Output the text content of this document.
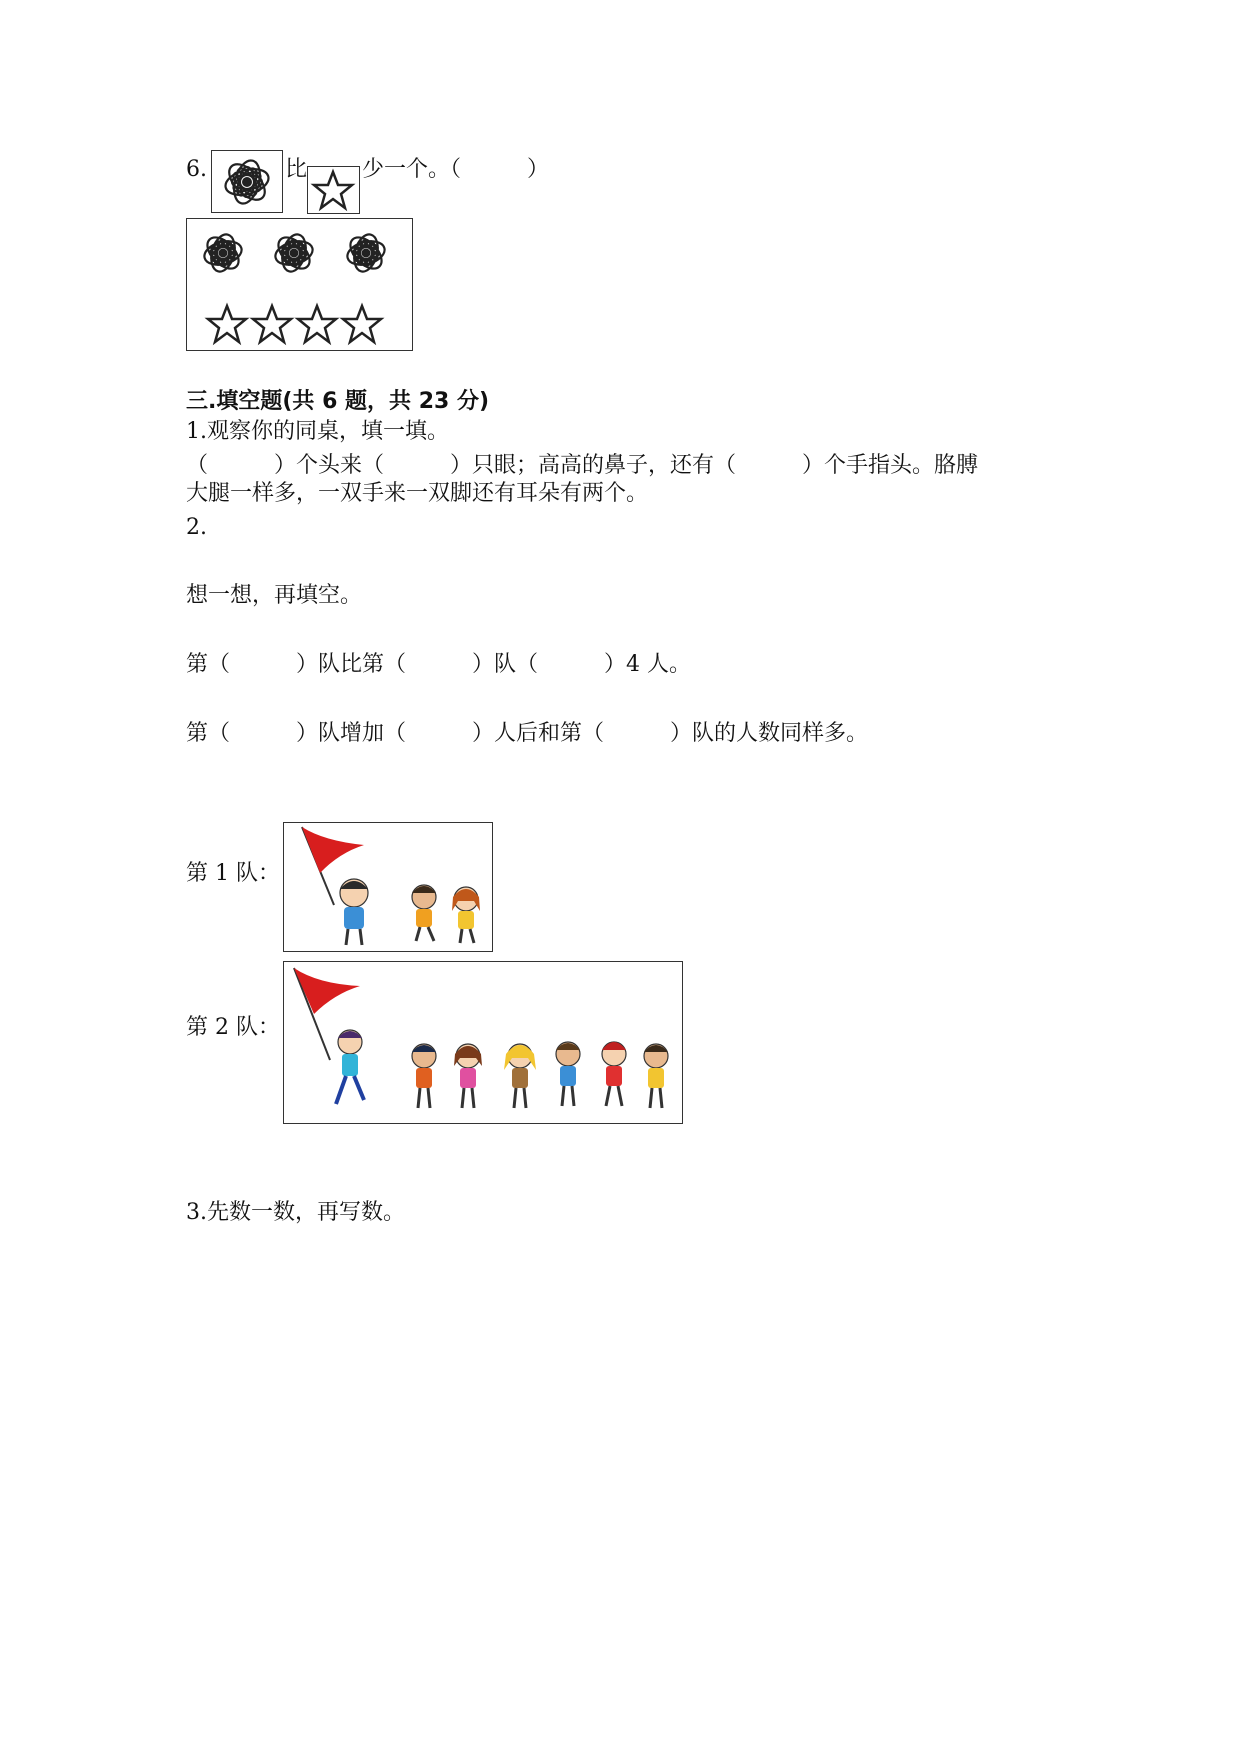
6.	比 少一个。（　　　）
三.填空题(共 6 题，共 23 分)
1.观察你的同桌，填一填。
（　　　）个头来（　　　）只眼；高高的鼻子，还有（　　　）个手指头。胳膊
大腿一样多，一双手来一双脚还有耳朵有两个。
2.
想一想，再填空。
第（　　　）队比第（　　　）队（　　　）4 人。
第（　　　）队增加（　　　）人后和第（　　　）队的人数同样多。
第 1 队：
第 2 队：
3.先数一数，再写数。
